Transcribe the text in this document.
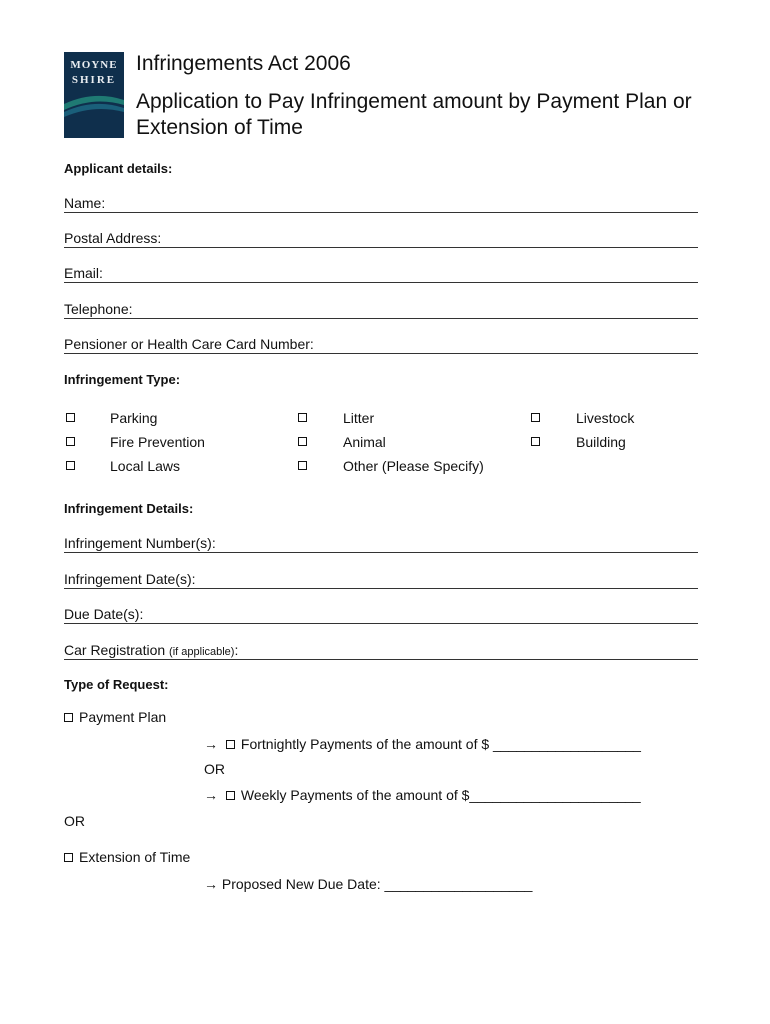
MOYNE
SHIRE
Infringements Act 2006
Application to Pay Infringement amount by Payment Plan or Extension of Time
Applicant details:
Name:
Postal Address:
Email:
Telephone:
Pensioner or Health Care Card Number:
Infringement Type:
Parking	Litter	Livestock
Fire Prevention	Animal	Building
Local Laws	Other (Please Specify)
Infringement Details:
Infringement Number(s):
Infringement Date(s):
Due Date(s):
Car Registration (if applicable):
Type of Request:
Payment Plan
→ Fortnightly Payments of the amount of $ ___________________
OR
→ Weekly Payments of the amount of $______________________
OR
Extension of Time
→ Proposed New Due Date: ___________________
